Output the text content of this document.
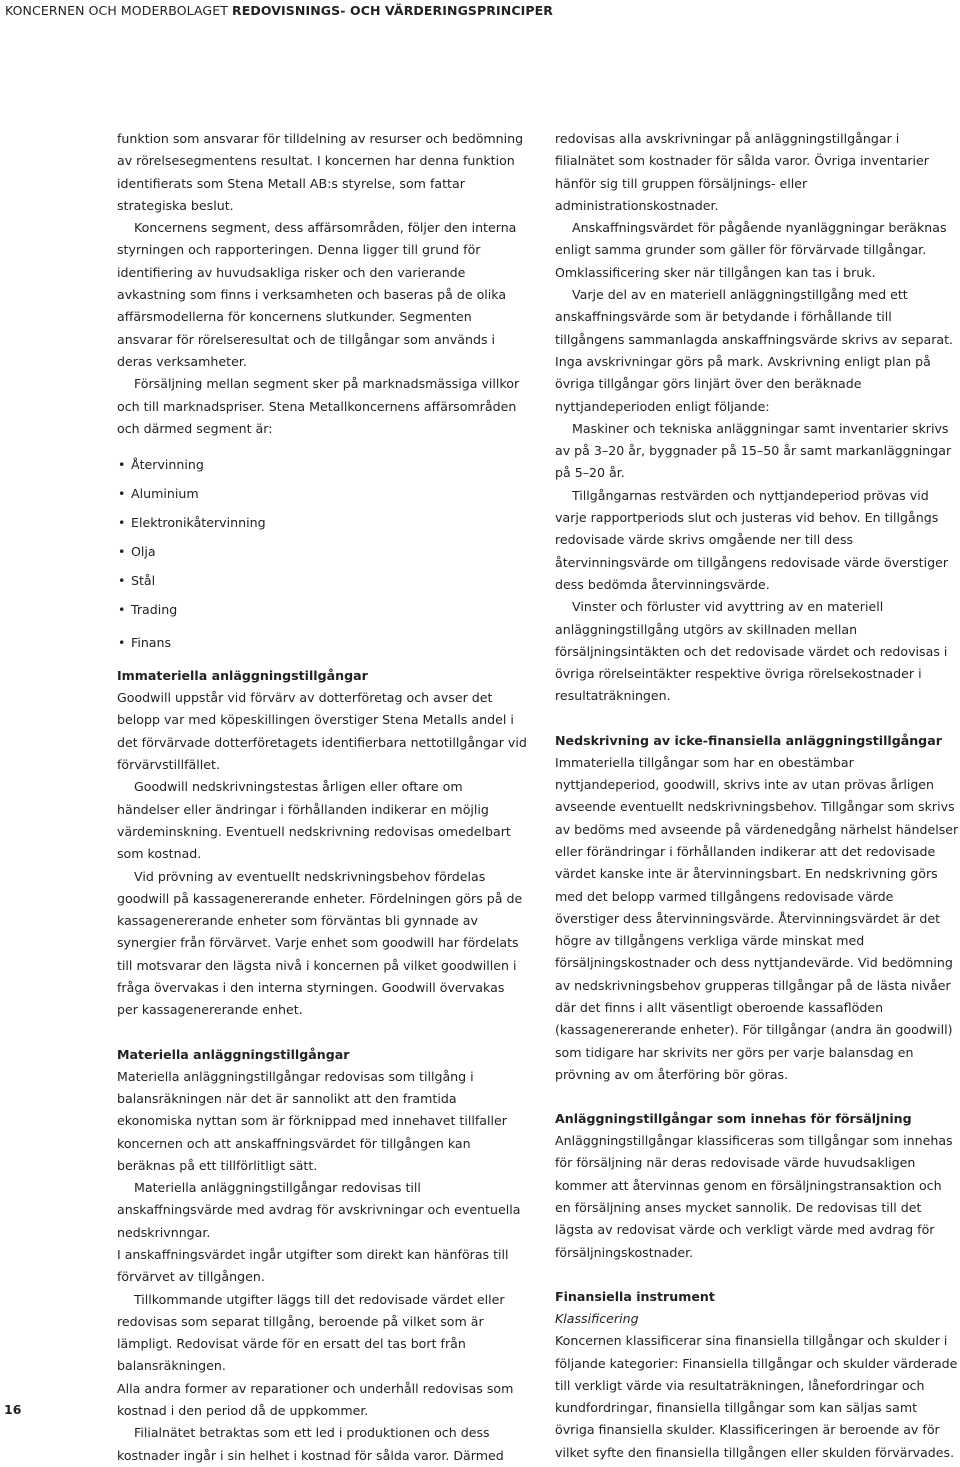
KONCERNEN OCH MODERBOLAGET REDOVISNINGS- OCH VÄRDERINGSPRINCIPER

funktion som ansvarar för tilldelning av resurser och bedömning av rörelsesegmentens resultat. I koncernen har denna funktion identifierats som Stena Metall AB:s styrelse, som fattar strategiska beslut.

Koncernens segment, dess affärsområden, följer den interna styrningen och rapporteringen. Denna ligger till grund för identifiering av huvudsakliga risker och den varierande avkastning som finns i verksamheten och baseras på de olika affärsmodellerna för koncernens slutkunder. Segmenten ansvarar för rörelseresultat och de tillgångar som används i deras verksamheter.

Försäljning mellan segment sker på marknadsmässiga villkor och till marknadspriser. Stena Metallkoncernens affärsområden och därmed segment är:

• Återvinning
• Aluminium
• Elektronikåtervinning
• Olja
• Stål
• Trading
• Finans
Immateriella anläggningstillgångar

Goodwill uppstår vid förvärv av dotterföretag och avser det belopp var med köpeskillingen överstiger Stena Metalls andel i det förvärvade dotterföretagets identifierbara nettotillgångar vid förvärvstillfället.

Goodwill nedskrivningstestas årligen eller oftare om händelser eller ändringar i förhållanden indikerar en möjlig värdeminskning. Eventuell nedskrivning redovisas omedelbart som kostnad.

Vid prövning av eventuellt nedskrivningsbehov fördelas goodwill på kassagenererande enheter. Fördelningen görs på de kassagenererande enheter som förväntas bli gynnade av synergier från förvärvet. Varje enhet som goodwill har fördelats till motsvarar den lägsta nivå i koncernen på vilket goodwillen i fråga övervakas i den interna styrningen. Goodwill övervakas per kassagenererande enhet.

Materiella anläggningstillgångar

Materiella anläggningstillgångar redovisas som tillgång i balansräkningen när det är sannolikt att den framtida ekonomiska nyttan som är förknippad med innehavet tillfaller koncernen och att anskaffningsvärdet för tillgången kan beräknas på ett tillförlitligt sätt.

Materiella anläggningstillgångar redovisas till anskaffningsvärde med avdrag för avskrivningar och eventuella nedskrivnngar.

I anskaffningsvärdet ingår utgifter som direkt kan hänföras till förvärvet av tillgången.

Tillkommande utgifter läggs till det redovisade värdet eller redovisas som separat tillgång, beroende på vilket som är lämpligt. Redovisat värde för en ersatt del tas bort från balansräkningen.

Alla andra former av reparationer och underhåll redovisas som kostnad i den period då de uppkommer.

Filialnätet betraktas som ett led i produktionen och dess kostnader ingår i sin helhet i kostnad för sålda varor. Därmed

redovisas alla avskrivningar på anläggningstillgångar i filialnätet som kostnader för sålda varor. Övriga inventarier hänför sig till gruppen försäljnings- eller administrationskostnader.

Anskaffningsvärdet för pågående nyanläggningar beräknas enligt samma grunder som gäller för förvärvade tillgångar.

Omklassificering sker när tillgången kan tas i bruk.

Varje del av en materiell anläggningstillgång med ett anskaffningsvärde som är betydande i förhållande till tillgångens sammanlagda anskaffningsvärde skrivs av separat. Inga avskrivningar görs på mark. Avskrivning enligt plan på övriga tillgångar görs linjärt över den beräknade nyttjandeperioden enligt följande:

Maskiner och tekniska anläggningar samt inventarier skrivs av på 3–20 år, byggnader på 15–50 år samt markanläggningar på 5–20 år.

Tillgångarnas restvärden och nyttjandeperiod prövas vid varje rapportperiods slut och justeras vid behov. En tillgångs redovisade värde skrivs omgående ner till dess återvinningsvärde om tillgångens redovisade värde överstiger dess bedömda återvinningsvärde.

Vinster och förluster vid avyttring av en materiell anläggningstillgång utgörs av skillnaden mellan försäljningsintäkten och det redovisade värdet och redovisas i övriga rörelseintäkter respektive övriga rörelsekostnader i resultaträkningen.

Nedskrivning av icke-finansiella anläggningstillgångar

Immateriella tillgångar som har en obestämbar nyttjandeperiod, goodwill, skrivs inte av utan prövas årligen avseende eventuellt nedskrivningsbehov. Tillgångar som skrivs av bedöms med avseende på värdenedgång närhelst händelser eller förändringar i förhållanden indikerar att det redovisade värdet kanske inte är återvinningsbart. En nedskrivning görs med det belopp varmed tillgångens redovisade värde överstiger dess återvinningsvärde. Återvinningsvärdet är det högre av tillgångens verkliga värde minskat med försäljningskostnader och dess nyttjandevärde. Vid bedömning av nedskrivningsbehov grupperas tillgångar på de lästa nivåer där det finns i allt väsentligt oberoende kassaflöden (kassagenererande enheter). För tillgångar (andra än goodwill) som tidigare har skrivits ner görs per varje balansdag en prövning av om återföring bör göras.

Anläggningstillgångar som innehas för försäljning

Anläggningstillgångar klassificeras som tillgångar som innehas för försäljning när deras redovisade värde huvudsakligen kommer att återvinnas genom en försäljningstransaktion och en försäljning anses mycket sannolik. De redovisas till det lägsta av redovisat värde och verkligt värde med avdrag för försäljningskostnader.

Finansiella instrument

Klassificering

Koncernen klassificerar sina finansiella tillgångar och skulder i följande kategorier: Finansiella tillgångar och skulder värderade till verkligt värde via resultaträkningen, lånefordringar och kundfordringar, finansiella tillgångar som kan säljas samt övriga finansiella skulder. Klassificeringen är beroende av för vilket syfte den finansiella tillgången eller skulden förvärvades.

16
